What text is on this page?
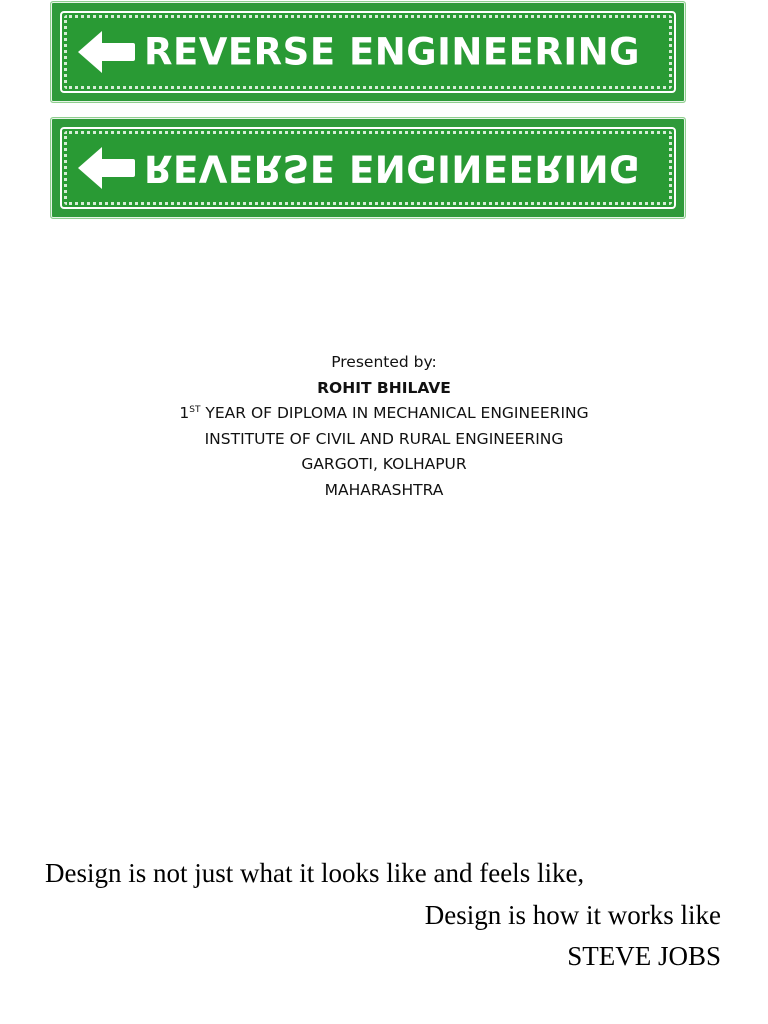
REVERSE ENGINEERING
REVERSE ENGINEERING
Presented by:
ROHIT BHILAVE
1ST YEAR OF DIPLOMA IN MECHANICAL ENGINEERING
INSTITUTE OF CIVIL AND RURAL ENGINEERING
GARGOTI, KOLHAPUR
MAHARASHTRA
Design is not just what it looks like and feels like,
Design is how it works like
STEVE JOBS
